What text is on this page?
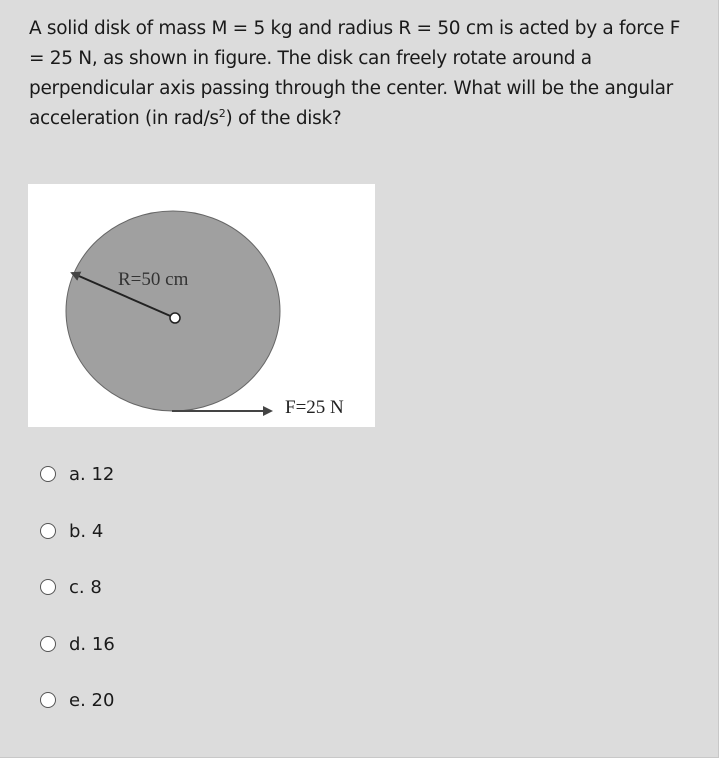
A solid disk of mass M = 5 kg and radius R = 50 cm is acted by a force F = 25 N, as shown in figure. The disk can freely rotate around a perpendicular axis passing through the center. What will be the angular acceleration (in rad/$s^2$) of the disk?
R=50 cm
F=25 N
a. 12
b. 4
c. 8
d. 16
e. 20
